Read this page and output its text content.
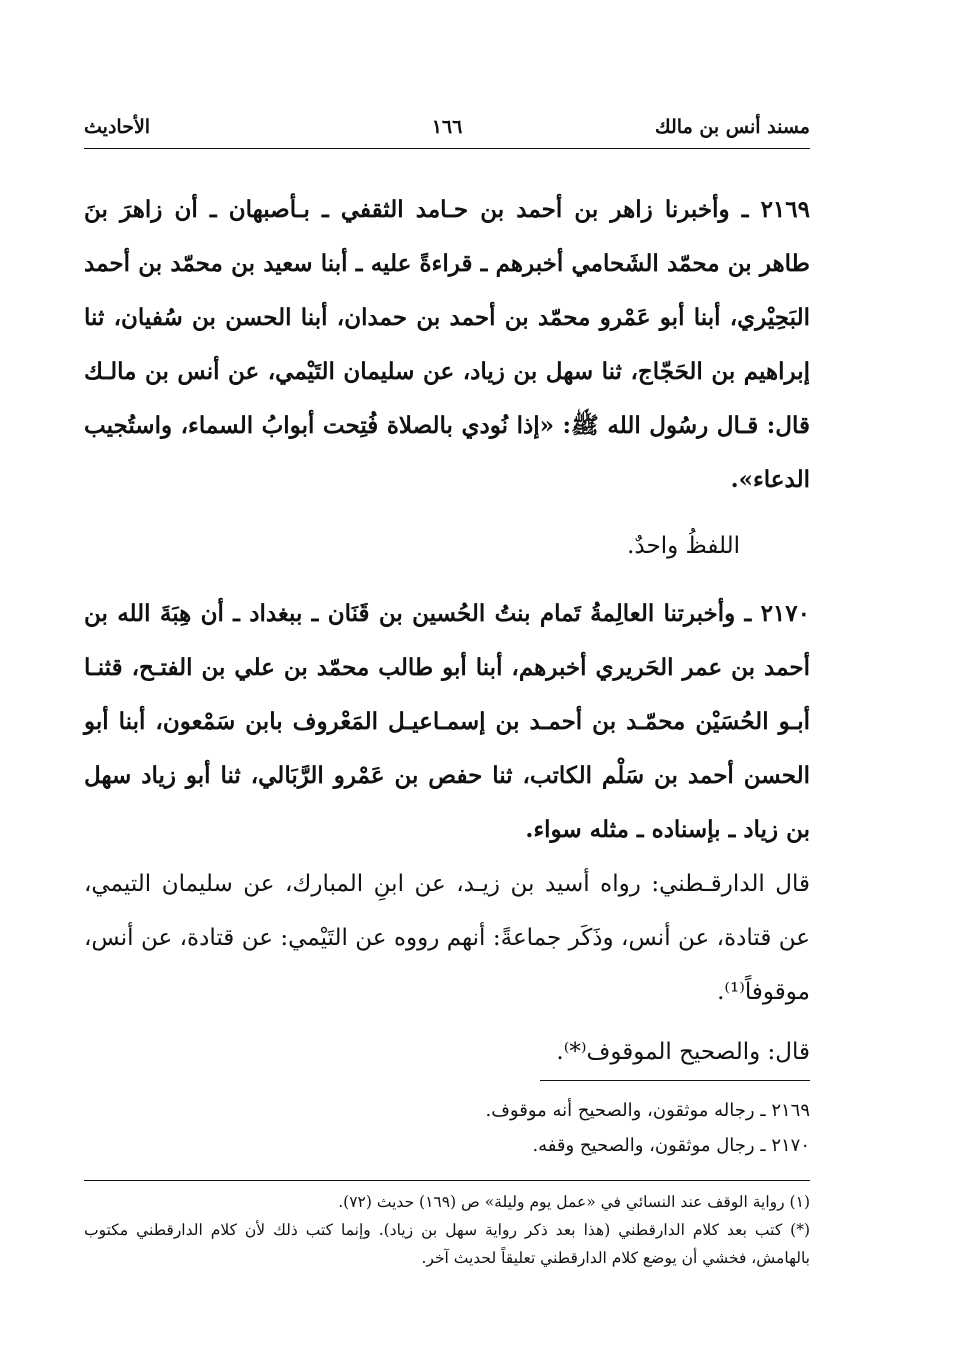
مسند أنس بن مالك
١٦٦
الأحاديث

٢١٦٩ ـ وأخبرنا زاهر بن أحمد بن حـامد الثقفي ـ بـأصبهان ـ أن زاهرَ بنَ طاهر بن محمّد الشَحامي أخبرهم ـ قراءةً عليه ـ أبنا سعيد بن محمّد بن أحمد البَحِيْري، أبنا أبو عَمْرو محمّد بن أحمد بن حمدان، أبنا الحسن بن سُفيان، ثنا إبراهيم بن الحَجّاج، ثنا سهل بن زياد، عن سليمان التَيْمي، عن أنس بن مالـك قال: قـال رسُول الله ﷺ: «إذا نُودي بالصلاة فُتِحت أبوابُ السماء، واستُجيب الدعاء».

اللفظُ واحدٌ.

٢١٧٠ ـ وأخبرتنا العالِمةُ تَمام بنتُ الحُسين بن قَنَان ـ ببغداد ـ أن هِبَةَ الله بن أحمد بن عمر الحَريري أخبرهم، أبنا أبو طالب محمّد بن علي بن الفتـح، قثنـا أبـو الحُسَيْن محمّـد بن أحمـد بن إسمـاعيـل المَعْروف بابن سَمْعون، أبنا أبو الحسن أحمد بن سَلْم الكاتب، ثنا حفص بن عَمْرو الرَّبَالي، ثنا أبو زياد سهل بن زياد ـ بإسناده ـ مثله سواء.

قال الدارقـطني: رواه أسيد بن زيـد، عن ابنِ المبارك، عن سليمان التيمي، عن قتادة، عن أنس، وذَكَر جماعةً: أنهم رووه عن التَيْمي: عن قتادة، عن أنس، موقوفاً⁽¹⁾.

قال: والصحيح الموقوف⁽*⁾.

٢١٦٩ ـ رجاله موثقون، والصحيح أنه موقوف.
٢١٧٠ ـ رجال موثقون، والصحيح وقفه.
(١) رواية الوقف عند النسائي في «عمل يوم وليلة» ص (١٦٩) حديث (٧٢).
(*) كتب بعد كلام الدارقطني (هذا بعد ذكر رواية سهل بن زياد). وإنما كتب ذلك لأن كلام الدارقطني مكتوب بالهامش، فخشي أن يوضع كلام الدارقطني تعليقاً لحديث آخر.
